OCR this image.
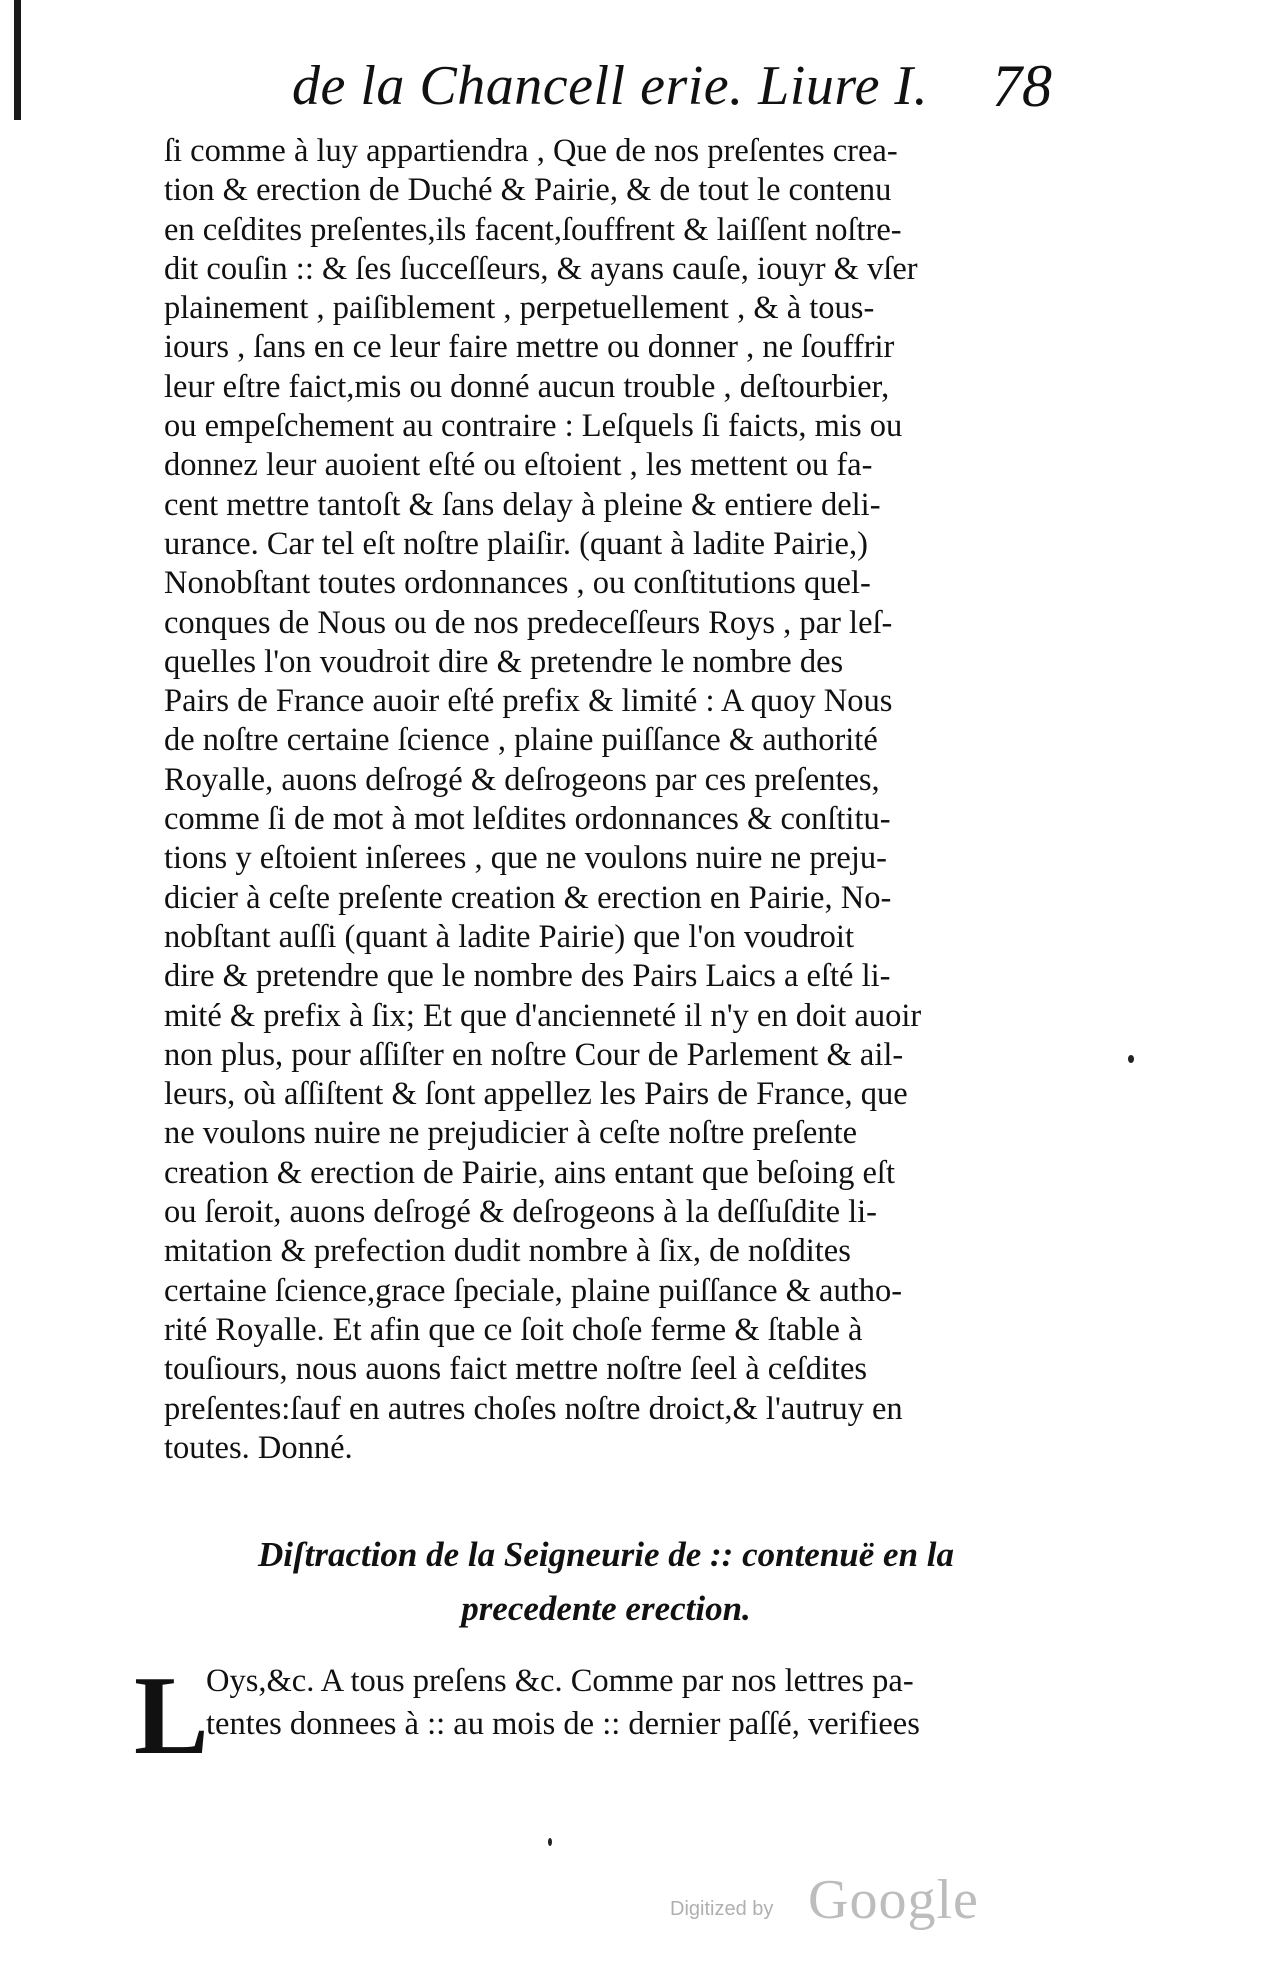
de la Chancell erie. Liure I. 78
ſi comme à luy appartiendra , Que de nos preſentes crea-
tion & erection de Duché & Pairie, & de tout le contenu
en ceſdites preſentes,ils facent,ſouffrent & laiſſent noſtre-
dit couſin :: & ſes ſucceſſeurs, & ayans cauſe, iouyr & vſer
plainement , paiſiblement , perpetuellement , & à tous-
iours , ſans en ce leur faire mettre ou donner , ne ſouffrir
leur eſtre faict,mis ou donné aucun trouble , deſtourbier,
ou empeſchement au contraire : Leſquels ſi faicts, mis ou
donnez leur auoient eſté ou eſtoient , les mettent ou fa-
cent mettre tantoſt & ſans delay à pleine & entiere deli-
urance. Car tel eſt noſtre plaiſir. (quant à ladite Pairie,)
Nonobſtant toutes ordonnances , ou conſtitutions quel-
conques de Nous ou de nos predeceſſeurs Roys , par leſ-
quelles l'on voudroit dire & pretendre le nombre des
Pairs de France auoir eſté prefix & limité : A quoy Nous
de noſtre certaine ſcience , plaine puiſſance & authorité
Royalle, auons deſrogé & deſrogeons par ces preſentes,
comme ſi de mot à mot leſdites ordonnances & conſtitu-
tions y eſtoient inſerees , que ne voulons nuire ne preju-
dicier à ceſte preſente creation & erection en Pairie, No-
nobſtant auſſi (quant à ladite Pairie) que l'on voudroit
dire & pretendre que le nombre des Pairs Laics a eſté li-
mité & prefix à ſix; Et que d'ancienneté il n'y en doit auoir
non plus, pour aſſiſter en noſtre Cour de Parlement & ail-
leurs, où aſſiſtent & ſont appellez les Pairs de France, que
ne voulons nuire ne prejudicier à ceſte noſtre preſente
creation & erection de Pairie, ains entant que beſoing eſt
ou ſeroit, auons deſrogé & deſrogeons à la deſſuſdite li-
mitation & prefection dudit nombre à ſix, de noſdites
certaine ſcience,grace ſpeciale, plaine puiſſance & autho-
rité Royalle. Et afin que ce ſoit choſe ferme & ſtable à
touſiours, nous auons faict mettre noſtre ſeel à ceſdites
preſentes:ſauf en autres choſes noſtre droict,& l'autruy en
toutes. Donné.
Diſtraction de la Seigneurie de :: contenuë en la
precedente erection.
L
Oys,&c. A tous preſens &c. Comme par nos lettres pa-
tentes donnees à :: au mois de :: dernier paſſé, verifiees
Digitized by Google
